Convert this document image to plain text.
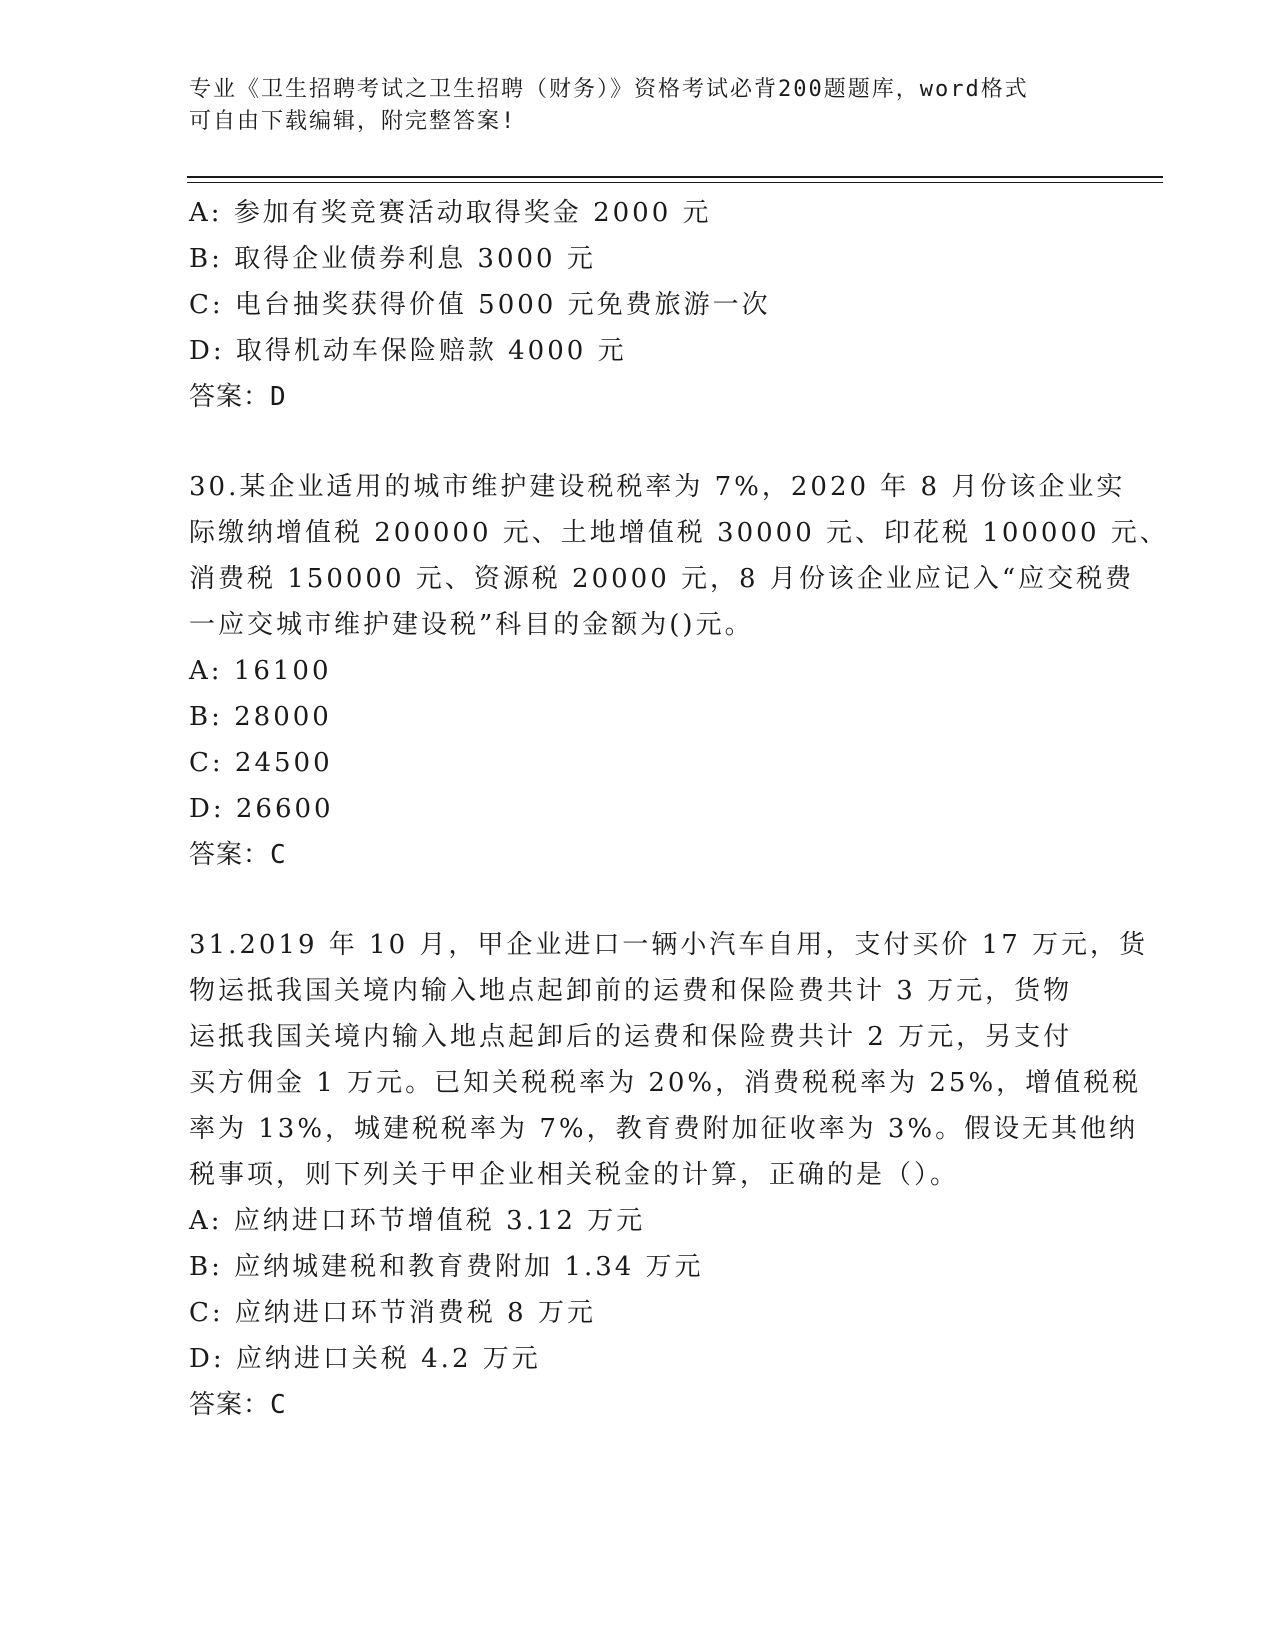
专业《卫生招聘考试之卫生招聘（财务）》资格考试必背200题题库，word格式
可自由下载编辑，附完整答案!
A: 参加有奖竞赛活动取得奖金 2000 元
B: 取得企业债券利息 3000 元
C: 电台抽奖获得价值 5000 元免费旅游一次
D: 取得机动车保险赔款 4000 元
答案：D
30.某企业适用的城市维护建设税税率为 7%，2020 年 8 月份该企业实
际缴纳增值税 200000 元、土地增值税 30000 元、印花税 100000 元、
消费税 150000 元、资源税 20000 元，8 月份该企业应记入“应交税费
一应交城市维护建设税”科目的金额为()元。
A: 16100
B: 28000
C: 24500
D: 26600
答案：C
31.2019 年 10 月，甲企业进口一辆小汽车自用，支付买价 17 万元，货
物运抵我国关境内输入地点起卸前的运费和保险费共计 3 万元，货物
运抵我国关境内输入地点起卸后的运费和保险费共计 2 万元，另支付
买方佣金 1 万元。已知关税税率为 20%，消费税税率为 25%，增值税税
率为 13%，城建税税率为 7%，教育费附加征收率为 3%。假设无其他纳
税事项，则下列关于甲企业相关税金的计算，正确的是（）。
A: 应纳进口环节增值税 3.12 万元
B: 应纳城建税和教育费附加 1.34 万元
C: 应纳进口环节消费税 8 万元
D: 应纳进口关税 4.2 万元
答案：C
